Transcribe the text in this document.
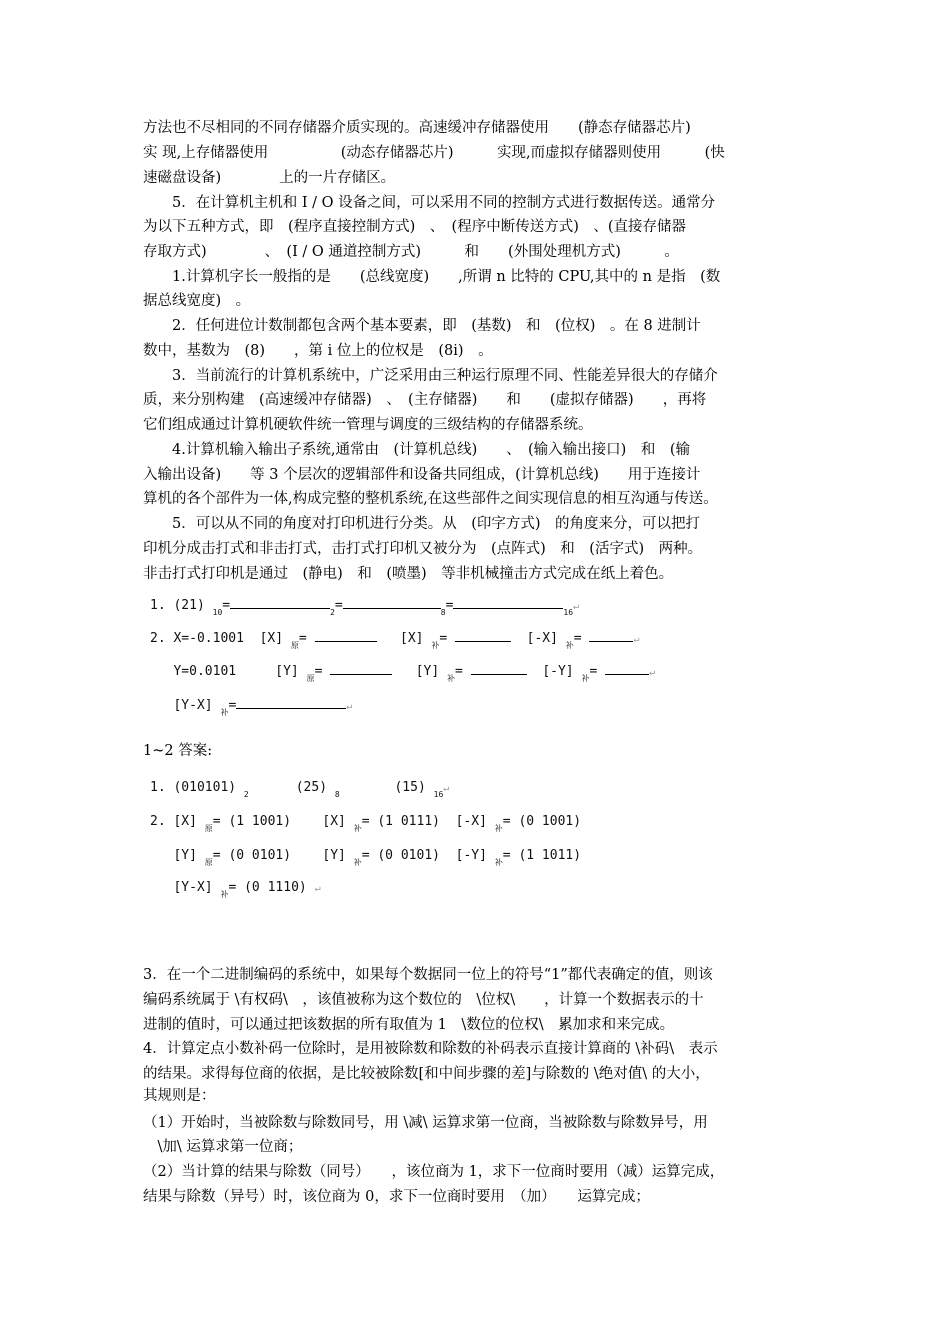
方法也不尽相同的不同存储器介质实现的。高速缓冲存储器使用　　(静态存储器芯片)

实 现,上存储器使用　　　　　(动态存储器芯片)　　　实现,而虚拟存储器则使用　　　(快

速磁盘设备)　　　　上的一片存储区。

　　5．在计算机主机和 I / O 设备之间，可以采用不同的控制方式进行数据传送。通常分

为以下五种方式，即　(程序直接控制方式)　、　(程序中断传送方式)　、(直接存储器

存取方式)　　　　、　(I / O 通道控制方式)　　　和　　(外围处理机方式)　　　。

　　1.计算机字长一般指的是　　(总线宽度)　　,所谓 n 比特的 CPU,其中的 n 是指　(数

据总线宽度)　。

　　2．任何进位计数制都包含两个基本要素，即　(基数)　和　(位权)　。在 8 进制计

数中，基数为　(8)　　，第 i 位上的位权是　(8i)　。

　　3．当前流行的计算机系统中，广泛采用由三种运行原理不同、性能差异很大的存储介

质，来分别构建　(高速缓冲存储器)　、　(主存储器)　　和　　(虚拟存储器)　　，再将

它们组成通过计算机硬软件统一管理与调度的三级结构的存储器系统。

　　4.计算机输入输出子系统,通常由　(计算机总线)　　、　(输入输出接口)　和　(输

入输出设备)　　等 3 个层次的逻辑部件和设备共同组成，(计算机总线)　　用于连接计

算机的各个部件为一体,构成完整的整机系统,在这些部件之间实现信息的相互沟通与传送。

　　5．可以从不同的角度对打印机进行分类。从　(印字方式)　的角度来分，可以把打

印机分成击打式和非击打式，击打式打印机又被分为　(点阵式)　和　(活字式)　两种。

非击打式打印机是通过　(静电)　和　(喷墨)　等非机械撞击方式完成在纸上着色。

1. (21) $_{10}$=	$_2$=	$_8$=	$_{16}$ ↵

2. X=-0.1001 [X] $_原$=	[X] $_补$=	[-X] $_补$=  ↵

Y=0.0101	[Y] $_原$=	[Y] $_补$=	[-Y] $_补$=  ↵

[Y-X] $_补$= ↵

1~2 答案:

1. (010101) $_2$	(25) $_8$	(15) $_{16}$ ↵

2. [X] $_原$= (1 1001) [X] $_补$= (1 0111) [-X] $_补$= (0 1001)

[Y] $_原$= (0 0101) [Y] $_补$= (0 0101) [-Y] $_补$= (1 1011)

[Y-X] $_补$= (0 1110)  ↵

3．在一个二进制编码的系统中，如果每个数据同一位上的符号“1”都代表确定的值，则该

编码系统属于 \有权码\　，该值被称为这个数位的　\位权\　　，计算一个数据表示的十

进制的值时，可以通过把该数据的所有取值为 1　\数位的位权\　累加求和来完成。

4．计算定点小数补码一位除时，是用被除数和除数的补码表示直接计算商的 \补码\　表示

的结果。求得每位商的依据，是比较被除数[和中间步骤的差]与除数的 \绝对值\ 的大小，

其规则是：

（1）开始时，当被除数与除数同号，用 \减\ 运算求第一位商，当被除数与除数异号，用

　\加\ 运算求第一位商；

（2）当计算的结果与除数（同号）　　，该位商为 1，求下一位商时要用（减）运算完成，

结果与除数（异号）时，该位商为 0，求下一位商时要用　（加）　　运算完成；
